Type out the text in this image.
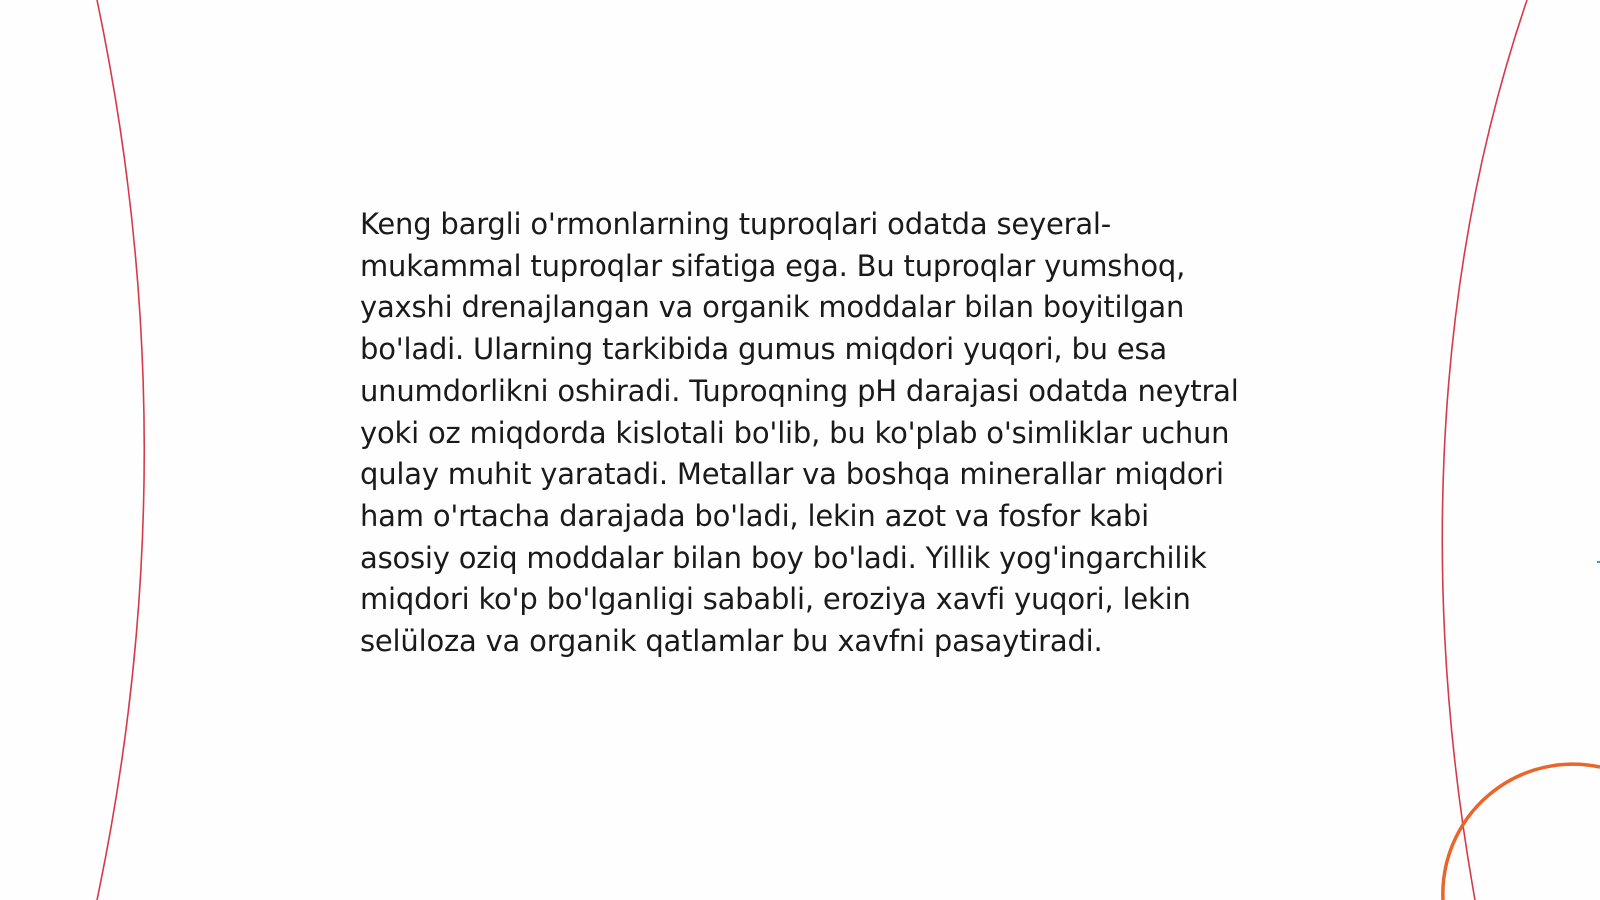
Keng bargli o'rmonlarning tuproqlari odatda seyeral-mukammal tuproqlar sifatiga ega. Bu tuproqlar yumshoq, yaxshi drenajlangan va organik moddalar bilan boyitilgan bo'ladi. Ularning tarkibida gumus miqdori yuqori, bu esa unumdorlikni oshiradi. Tuproqning pH darajasi odatda neytral yoki oz miqdorda kislotali bo'lib, bu ko'plab o'simliklar uchun qulay muhit yaratadi. Metallar va boshqa minerallar miqdori ham o'rtacha darajada bo'ladi, lekin azot va fosfor kabi asosiy oziq moddalar bilan boy bo'ladi. Yillik yog'ingarchilik miqdori ko'p bo'lganligi sababli, eroziya xavfi yuqori, lekin selüloza va organik qatlamlar bu xavfni pasaytiradi.
